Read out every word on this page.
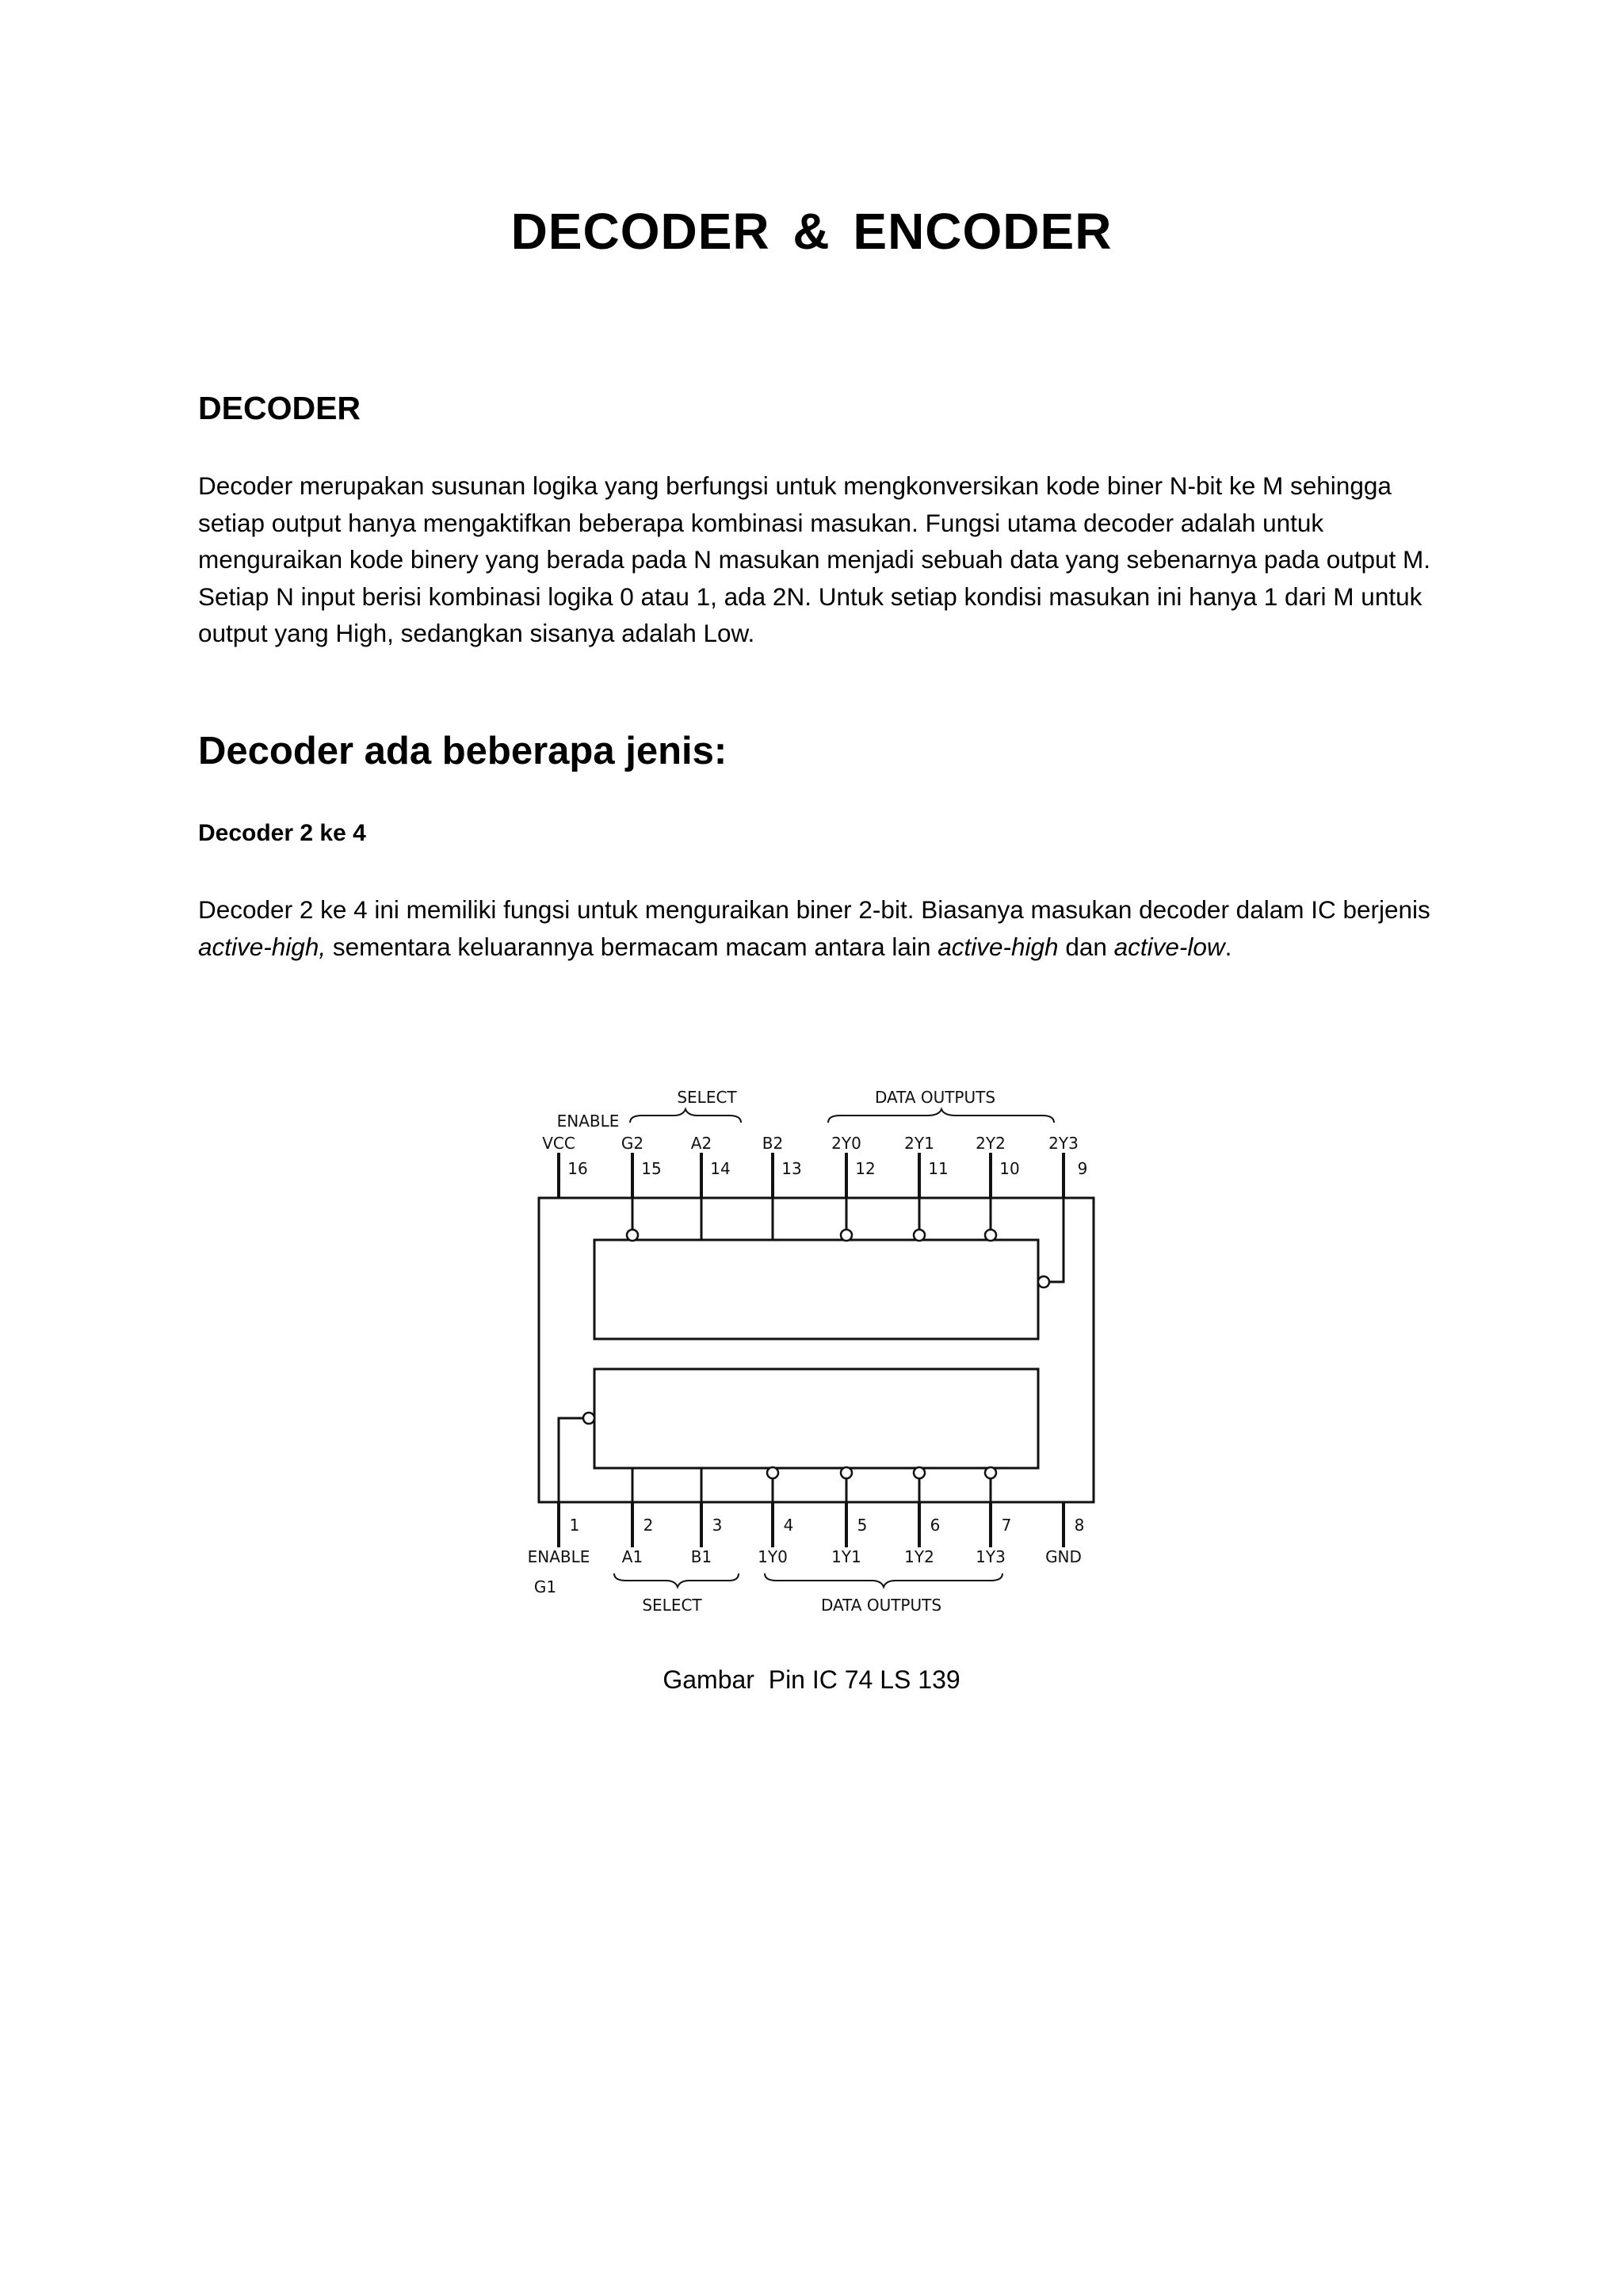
DECODER & ENCODER
DECODER

Decoder merupakan susunan logika yang berfungsi untuk mengkonversikan kode biner N-bit ke M sehingga setiap output hanya mengaktifkan beberapa kombinasi masukan. Fungsi utama decoder adalah untuk menguraikan kode binery yang berada pada N masukan menjadi sebuah data yang sebenarnya pada output M. Setiap N input berisi kombinasi logika 0 atau 1, ada 2N. Untuk setiap kondisi masukan ini hanya 1 dari M untuk output yang High, sedangkan sisanya adalah Low.

Decoder ada beberapa jenis:
Decoder 2 ke 4

Decoder 2 ke 4 ini memiliki fungsi untuk menguraikan biner 2-bit. Biasanya masukan decoder dalam IC berjenis active-high, sementara keluarannya bermacam macam antara lain active-high dan active-low.

16
VCC
15
G2
14
A2
13
B2
12
2Y0
11
2Y1
10
2Y2
9
2Y3
1
ENABLE
2
A1
3
B1
4
1Y0
5
1Y1
6
1Y2
7
1Y3
8
GND
SELECT	DATA OUTPUTS
ENABLE
G1
SELECT	DATA OUTPUTS

Gambar  Pin IC 74 LS 139
